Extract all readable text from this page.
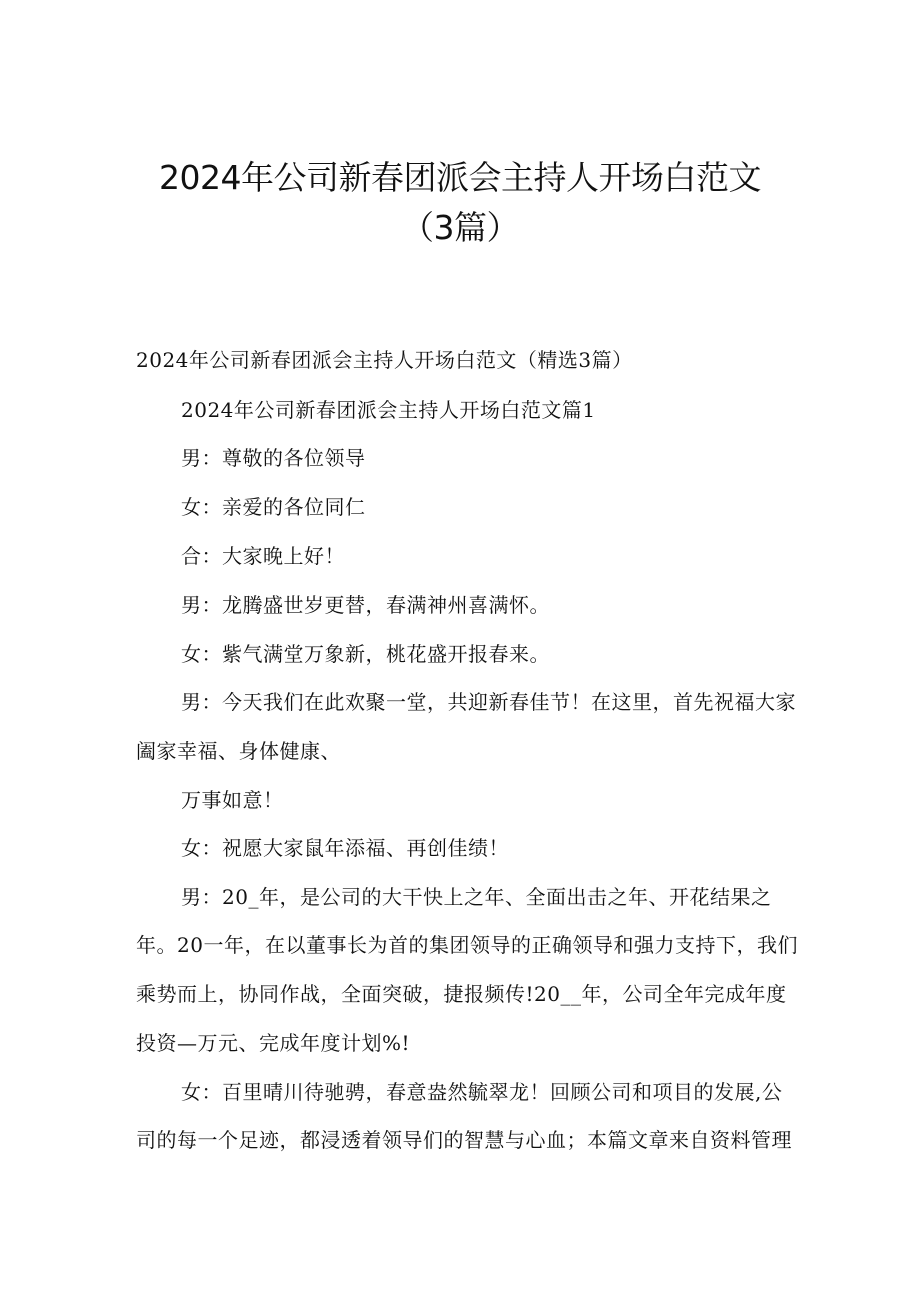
2024年公司新春团派会主持人开场白范文
（3篇）

2024年公司新春团派会主持人开场白范文（精选3篇）

2024年公司新春团派会主持人开场白范文篇1

男：尊敬的各位领导

女：亲爱的各位同仁

合：大家晚上好！

男：龙腾盛世岁更替，春满神州喜满怀。

女：紫气满堂万象新，桃花盛开报春来。

男：今天我们在此欢聚一堂，共迎新春佳节！在这里，首先祝福大家

阖家幸福、身体健康、

万事如意！

女：祝愿大家鼠年添福、再创佳绩！

男：20_年，是公司的大干快上之年、全面出击之年、开花结果之

年。20一年，在以董事长为首的集团领导的正确领导和强力支持下，我们

乘势而上，协同作战，全面突破，捷报频传!20__年，公司全年完成年度

投资—万元、完成年度计划%!

女：百里晴川待驰骋，春意盎然毓翠龙！回顾公司和项目的发展,公

司的每一个足迹，都浸透着领导们的智慧与心血；本篇文章来自资料管理
